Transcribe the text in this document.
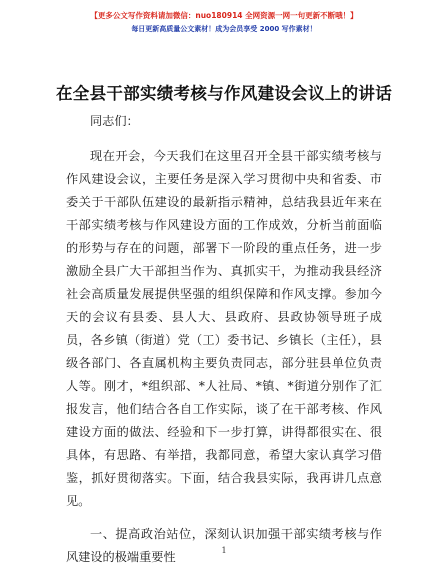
【更多公文写作资料请加微信：nuo180914 全网资源一网一句更新不断哦！】
每日更新高质量公文素材！成为会员享受 2000 写作素材！
在全县干部实绩考核与作风建设会议上的讲话

同志们：

现在开会，今天我们在这里召开全县干部实绩考核与作风建设会议，主要任务是深入学习贯彻中央和省委、市委关于干部队伍建设的最新指示精神，总结我县近年来在干部实绩考核与作风建设方面的工作成效，分析当前面临的形势与存在的问题，部署下一阶段的重点任务，进一步激励全县广大干部担当作为、真抓实干，为推动我县经济社会高质量发展提供坚强的组织保障和作风支撑。参加今天的会议有县委、县人大、县政府、县政协领导班子成员，各乡镇（街道）党（工）委书记、乡镇长（主任），县级各部门、各直属机构主要负责同志，部分驻县单位负责人等。刚才，*组织部、*人社局、*镇、*街道分别作了汇报发言，他们结合各自工作实际，谈了在干部考核、作风建设方面的做法、经验和下一步打算，讲得都很实在、很具体，有思路、有举措，我都同意，希望大家认真学习借鉴，抓好贯彻落实。下面，结合我县实际，我再讲几点意见。

一、提高政治站位，深刻认识加强干部实绩考核与作风建设的极端重要性	1
